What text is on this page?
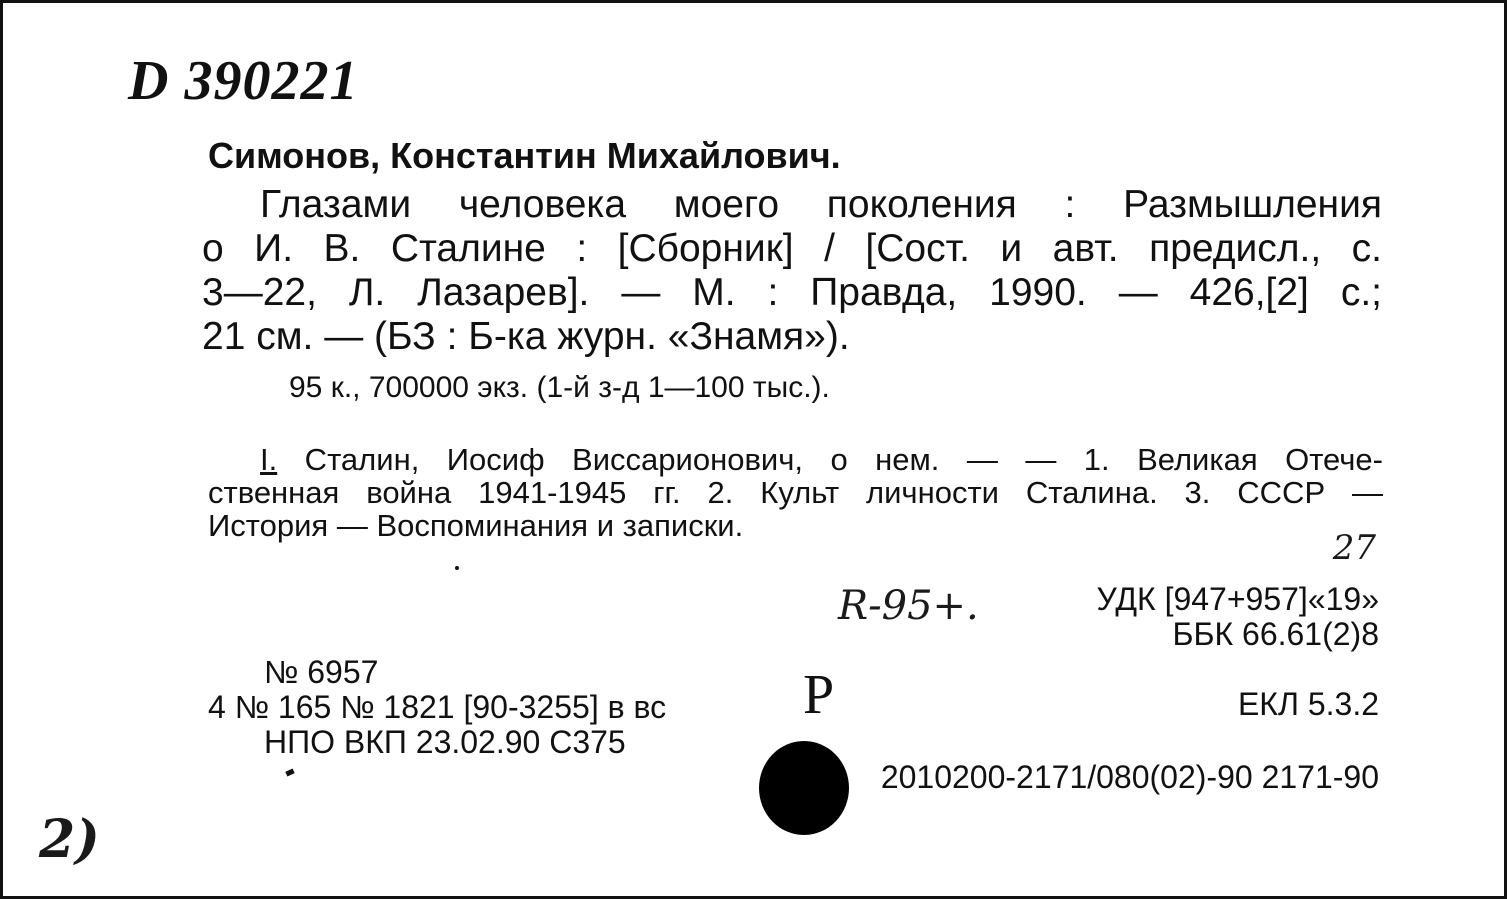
D 390221
Симонов, Константин Михайлович.
Глазами человека моего поколения : Размышления
о И. В. Сталине : [Сборник] / [Сост. и авт. предисл., с.
3—22, Л. Лазарев]. — М. : Правда, 1990. — 426,[2] с.;
21 см. — (БЗ : Б-ка журн. «Знамя»).
95 к., 700000 экз. (1-й з-д 1—100 тыс.).
I. Сталин, Иосиф Виссарионович, о нем. — — 1. Великая Отече-
ственная война 1941-1945 гг. 2. Культ личности Сталина. 3. СССР —
История — Воспоминания и записки.
27
R-95+.	УДК [947+957]«19»
ББК 66.61(2)8
№ 6957
4 № 165 № 1821 [90-3255] в вс
НПО ВКП 23.02.90 С375
Р	ЕКЛ 5.3.2
2010200-2171/080(02)-90 2171-90
2)
